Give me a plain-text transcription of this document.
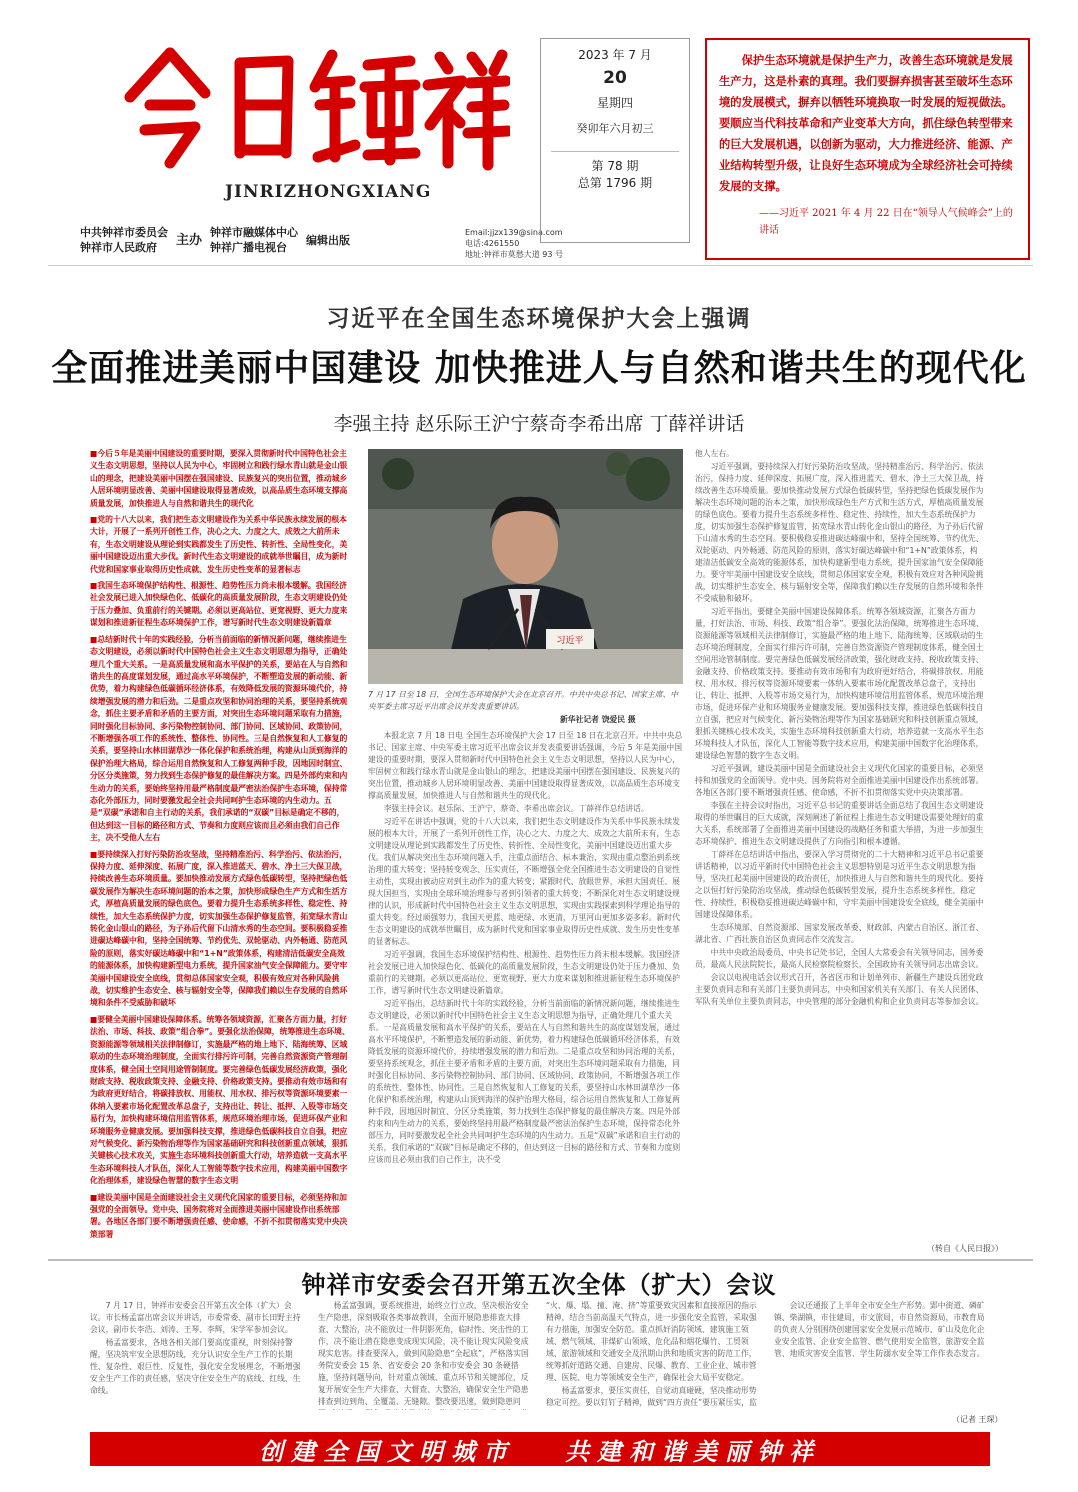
JINRIZHONGXIANG
中共钟祥市委员会
钟祥市人民政府	主办 钟祥市融媒体中心
钟祥广播电视台
编辑出版
Email:jjzx139@sina.com
电话:4261550
地址:钟祥市莫愁大道 93 号
2023 年 7 月
20
星期四
癸卯年六月初三
第 78 期
总第 1796 期
保护生态环境就是保护生产力，改善生态环境就是发展生产力，这是朴素的真理。我们要摒弃损害甚至破坏生态环境的发展模式，摒弃以牺牲环境换取一时发展的短视做法。要顺应当代科技革命和产业变革大方向，抓住绿色转型带来的巨大发展机遇，以创新为驱动，大力推进经济、能源、产业结构转型升级，让良好生态环境成为全球经济社会可持续发展的支撑。
——习近平 2021 年 4 月 22 日在“领导人气候峰会”上的讲话
习近平在全国生态环境保护大会上强调
全面推进美丽中国建设 加快推进人与自然和谐共生的现代化
李强主持 赵乐际王沪宁蔡奇李希出席 丁薛祥讲话

■ 今后５年是美丽中国建设的重要时期，要深入贯彻新时代中国特色社会主义生态文明思想，坚持以人民为中心，牢固树立和践行绿水青山就是金山银山的理念，把建设美丽中国摆在强国建设、民族复兴的突出位置，推动城乡人居环境明显改善、美丽中国建设取得显著成效，以高品质生态环境支撑高质量发展，加快推进人与自然和谐共生的现代化

■ 党的十八大以来，我们把生态文明建设作为关系中华民族永续发展的根本大计，开展了一系列开创性工作，决心之大、力度之大、成效之大前所未有，生态文明建设从理论到实践都发生了历史性、转折性、全局性变化，美丽中国建设迈出重大步伐。新时代生态文明建设的成就举世瞩目，成为新时代党和国家事业取得历史性成就、发生历史性变革的显著标志

■ 我国生态环境保护结构性、根源性、趋势性压力尚未根本缓解。我国经济社会发展已进入加快绿色化、低碳化的高质量发展阶段，生态文明建设仍处于压力叠加、负重前行的关键期。必须以更高站位、更宽视野、更大力度来谋划和推进新征程生态环境保护工作，谱写新时代生态文明建设新篇章

■ 总结新时代十年的实践经验，分析当前面临的新情况新问题，继续推进生态文明建设，必须以新时代中国特色社会主义生态文明思想为指导，正确处理几个重大关系。一是高质量发展和高水平保护的关系，要站在人与自然和谐共生的高度谋划发展，通过高水平环境保护，不断塑造发展的新动能、新优势，着力构建绿色低碳循环经济体系，有效降低发展的资源环境代价，持续增强发展的潜力和后劲。二是重点攻坚和协同治理的关系，要坚持系统观念，抓住主要矛盾和矛盾的主要方面，对突出生态环境问题采取有力措施，同时强化目标协同、多污染物控制协同、部门协同、区域协同、政策协同，不断增强各项工作的系统性、整体性、协同性。三是自然恢复和人工修复的关系，要坚持山水林田湖草沙一体化保护和系统治理，构建从山顶到海洋的保护治理大格局，综合运用自然恢复和人工修复两种手段，因地因时制宜、分区分类施策，努力找到生态保护修复的最佳解决方案。四是外部约束和内生动力的关系，要始终坚持用最严格制度最严密法治保护生态环境，保持常态化外部压力，同时要激发起全社会共同呵护生态环境的内生动力。五是“双碳”承诺和自主行动的关系，我们承诺的“双碳”目标是确定不移的，但达到这一目标的路径和方式、节奏和力度则应该而且必须由我们自己作主，决不受他人左右

■ 要持续深入打好污染防治攻坚战，坚持精准治污、科学治污、依法治污，保持力度、延伸深度、拓展广度，深入推进蓝天、碧水、净土三大保卫战，持续改善生态环境质量。要加快推动发展方式绿色低碳转型，坚持把绿色低碳发展作为解决生态环境问题的治本之策，加快形成绿色生产方式和生活方式，厚植高质量发展的绿色底色。要着力提升生态系统多样性、稳定性、持续性，加大生态系统保护力度，切实加强生态保护修复监管，拓宽绿水青山转化金山银山的路径，为子孙后代留下山清水秀的生态空间。要积极稳妥推进碳达峰碳中和，坚持全国统筹、节约优先、双轮驱动、内外畅通、防范风险的原则，落实好碳达峰碳中和“1+N”政策体系，构建清洁低碳安全高效的能源体系，加快构建新型电力系统，提升国家油气安全保障能力。要守牢美丽中国建设安全底线，贯彻总体国家安全观，积极有效应对各种风险挑战，切实维护生态安全、核与辐射安全等，保障我们赖以生存发展的自然环境和条件不受威胁和破坏

■ 要健全美丽中国建设保障体系。统筹各领域资源，汇聚各方面力量，打好法治、市场、科技、政策“组合拳”。要强化法治保障，统筹推进生态环境、资源能源等领域相关法律制修订，实施最严格的地上地下、陆海统筹、区域联动的生态环境治理制度，全面实行排污许可制，完善自然资源资产管理制度体系，健全国土空间用途管制制度。要完善绿色低碳发展经济政策，强化财政支持、税收政策支持、金融支持、价格政策支持。要推动有效市场和有为政府更好结合，将碳排放权、用能权、用水权、排污权等资源环境要素一体纳入要素市场化配置改革总盘子，支持出让、转让、抵押、入股等市场交易行为，加快构建环境信用监管体系，规范环境治理市场，促进环保产业和环境服务业健康发展。要加强科技支撑，推进绿色低碳科技自立自强，把应对气候变化、新污染物治理等作为国家基础研究和科技创新重点领域，狠抓关键核心技术攻关，实施生态环境科技创新重大行动，培养造就一支高水平生态环境科技人才队伍，深化人工智能等数字技术应用，构建美丽中国数字化治理体系，建设绿色智慧的数字生态文明

■ 建设美丽中国是全面建设社会主义现代化国家的重要目标，必须坚持和加强党的全面领导。党中央、国务院将对全面推进美丽中国建设作出系统部署。各地区各部门要不断增强责任感、使命感，不折不扣贯彻落实党中央决策部署

习近平
7 月 17 日至 18 日，全国生态环境保护大会在北京召开。中共中央总书记、国家主席、中央军委主席习近平出席会议并发表重要讲话。
新华社记者 饶爱民 摄

本报北京 7 月 18 日电 全国生态环境保护大会 17 日至 18 日在北京召开。中共中央总书记、国家主席、中央军委主席习近平出席会议并发表重要讲话强调，今后 5 年是美丽中国建设的重要时期，要深入贯彻新时代中国特色社会主义生态文明思想，坚持以人民为中心，牢固树立和践行绿水青山就是金山银山的理念，把建设美丽中国摆在强国建设、民族复兴的突出位置，推动城乡人居环境明显改善、美丽中国建设取得显著成效，以高品质生态环境支撑高质量发展，加快推进人与自然和谐共生的现代化。

李强主持会议。赵乐际、王沪宁、蔡奇、李希出席会议。丁薛祥作总结讲话。

习近平在讲话中强调，党的十八大以来，我们把生态文明建设作为关系中华民族永续发展的根本大计，开展了一系列开创性工作，决心之大、力度之大、成效之大前所未有，生态文明建设从理论到实践都发生了历史性、转折性、全局性变化，美丽中国建设迈出重大步伐。我们从解决突出生态环境问题入手，注重点面结合、标本兼治，实现由重点整治到系统治理的重大转变；坚持转变观念、压实责任，不断增强全党全国推进生态文明建设的自觉性主动性，实现由被动应对到主动作为的重大转变；紧跟时代、放眼世界，承担大国责任、展现大国担当，实现由全球环境治理参与者到引领者的重大转变；不断深化对生态文明建设规律的认识，形成新时代中国特色社会主义生态文明思想，实现由实践探索到科学理论指导的重大转变。经过顽强努力，我国天更蓝、地更绿、水更清，万里河山更加多姿多彩。新时代生态文明建设的成就举世瞩目，成为新时代党和国家事业取得历史性成就、发生历史性变革的显著标志。

习近平强调，我国生态环境保护结构性、根源性、趋势性压力尚未根本缓解。我国经济社会发展已进入加快绿色化、低碳化的高质量发展阶段，生态文明建设仍处于压力叠加、负重前行的关键期。必须以更高站位、更宽视野、更大力度来谋划和推进新征程生态环境保护工作，谱写新时代生态文明建设新篇章。

习近平指出，总结新时代十年的实践经验，分析当前面临的新情况新问题，继续推进生态文明建设，必须以新时代中国特色社会主义生态文明思想为指导，正确处理几个重大关系。一是高质量发展和高水平保护的关系，要站在人与自然和谐共生的高度谋划发展，通过高水平环境保护，不断塑造发展的新动能、新优势，着力构建绿色低碳循环经济体系，有效降低发展的资源环境代价，持续增强发展的潜力和后劲。二是重点攻坚和协同治理的关系，要坚持系统观念，抓住主要矛盾和矛盾的主要方面，对突出生态环境问题采取有力措施，同时强化目标协同、多污染物控制协同、部门协同、区域协同、政策协同，不断增强各项工作的系统性、整体性、协同性。三是自然恢复和人工修复的关系，要坚持山水林田湖草沙一体化保护和系统治理，构建从山顶到海洋的保护治理大格局，综合运用自然恢复和人工修复两种手段，因地因时制宜、分区分类施策，努力找到生态保护修复的最佳解决方案。四是外部约束和内生动力的关系，要始终坚持用最严格制度最严密法治保护生态环境，保持常态化外部压力，同时要激发起全社会共同呵护生态环境的内生动力。五是“双碳”承诺和自主行动的关系，我们承诺的“双碳”目标是确定不移的，但达到这一目标的路径和方式、节奏和力度则应该而且必须由我们自己作主，决不受

他人左右。

习近平强调，要持续深入打好污染防治攻坚战，坚持精准治污、科学治污、依法治污，保持力度、延伸深度、拓展广度，深入推进蓝天、碧水、净土三大保卫战，持续改善生态环境质量。要加快推动发展方式绿色低碳转型，坚持把绿色低碳发展作为解决生态环境问题的治本之策，加快形成绿色生产方式和生活方式，厚植高质量发展的绿色底色。要着力提升生态系统多样性、稳定性、持续性，加大生态系统保护力度，切实加强生态保护修复监管，拓宽绿水青山转化金山银山的路径，为子孙后代留下山清水秀的生态空间。要积极稳妥推进碳达峰碳中和，坚持全国统筹、节约优先、双轮驱动、内外畅通、防范风险的原则，落实好碳达峰碳中和“1+N”政策体系，构建清洁低碳安全高效的能源体系，加快构建新型电力系统，提升国家油气安全保障能力。要守牢美丽中国建设安全底线，贯彻总体国家安全观，积极有效应对各种风险挑战，切实维护生态安全、核与辐射安全等，保障我们赖以生存发展的自然环境和条件不受威胁和破坏。

习近平指出，要健全美丽中国建设保障体系。统筹各领域资源，汇聚各方面力量，打好法治、市场、科技、政策“组合拳”。要强化法治保障，统筹推进生态环境、资源能源等领域相关法律制修订，实施最严格的地上地下、陆海统筹、区域联动的生态环境治理制度，全面实行排污许可制，完善自然资源资产管理制度体系，健全国土空间用途管制制度。要完善绿色低碳发展经济政策，强化财政支持、税收政策支持、金融支持、价格政策支持。要推动有效市场和有为政府更好结合，将碳排放权、用能权、用水权、排污权等资源环境要素一体纳入要素市场化配置改革总盘子，支持出让、转让、抵押、入股等市场交易行为，加快构建环境信用监管体系，规范环境治理市场，促进环保产业和环境服务业健康发展。要加强科技支撑，推进绿色低碳科技自立自强，把应对气候变化、新污染物治理等作为国家基础研究和科技创新重点领域，狠抓关键核心技术攻关，实施生态环境科技创新重大行动，培养造就一支高水平生态环境科技人才队伍，深化人工智能等数字技术应用，构建美丽中国数字化治理体系，建设绿色智慧的数字生态文明。

习近平强调，建设美丽中国是全面建设社会主义现代化国家的重要目标，必须坚持和加强党的全面领导。党中央、国务院将对全面推进美丽中国建设作出系统部署。各地区各部门要不断增强责任感、使命感，不折不扣贯彻落实党中央决策部署。

李强在主持会议时指出，习近平总书记的重要讲话全面总结了我国生态文明建设取得的举世瞩目的巨大成就，深刻阐述了新征程上推进生态文明建设需要处理好的重大关系，系统部署了全面推进美丽中国建设的战略任务和重大举措，为进一步加强生态环境保护、推进生态文明建设提供了方向指引和根本遵循。

丁薛祥在总结讲话中指出，要深入学习贯彻党的二十大精神和习近平总书记重要讲话精神，以习近平新时代中国特色社会主义思想特别是习近平生态文明思想为指导，坚决扛起美丽中国建设的政治责任，加快推进人与自然和谐共生的现代化。要持之以恒打好污染防治攻坚战，推动绿色低碳转型发展，提升生态系统多样性、稳定性、持续性，积极稳妥推进碳达峰碳中和，守牢美丽中国建设安全底线，健全美丽中国建设保障体系。

生态环境部、自然资源部、国家发展改革委、财政部、内蒙古自治区、浙江省、湖北省、广西壮族自治区负责同志作交流发言。

中共中央政治局委员、中央书记处书记，全国人大常委会有关领导同志，国务委员，最高人民法院院长，最高人民检察院检察长，全国政协有关领导同志出席会议。

会议以电视电话会议形式召开，各省区市和计划单列市、新疆生产建设兵团党政主要负责同志和有关部门主要负责同志，中央和国家机关有关部门、有关人民团体、军队有关单位主要负责同志，中央管理的部分金融机构和企业负责同志等参加会议。

（转自《人民日报》）
钟祥市安委会召开第五次全体（扩大）会议

7 月 17 日，钟祥市安委会召开第五次全体（扩大）会议。市长杨孟富出席会议并讲话，市委常委、副市长田野主持会议，副市长李浩、刘涛、王琴、李辉，宋学军参加会议。

杨孟富要求，各地各相关部门要高度重视，时刻保持警醒，坚决筑牢安全思想防线，充分认识安全生产工作的长期性、复杂性、艰巨性、反复性，强化安全发展理念，不断增强安全生产工作的责任感，坚决守住安全生产的底线、红线、生命线。

杨孟富强调，要系统推进，始终立行立改，坚决根治安全生产隐患，深刻吸取各类事故教训，全面开展隐患排查大排查、大整治，决不能放过一件阴影死角，临时性、突击性的工作，决不能让潜在隐患变成现实风险，决不能让现实风险变成现实危害。排查要深入，做到风险隐患“全起底”，严格落实国务院安委会 15 条、省安委会 20 条和市安委会 30 条硬措施，坚持问题导向，针对重点领域、重点环节和关键部位，反复开展安全生产大排查、大督查、大整治，确保安全生产隐患排查到边到角、全覆盖、无缝隙。整改要迅速，做到隐患问

“火、爆、塌、撞、淹、挤”等重要致灾因素和直接原因的指示精神，结合当前高温天气特点，进一步强化安全监管，采取强有力措施，加强安全防范。重点抓好消防领域、建筑施工领域、燃气领域、非煤矿山领域、危化品和烟花爆竹、工贸领域、旅游领域和交通安全及汛期山洪和地质灾害的防范工作，统筹抓好道路交通、自建房、民爆、教育、工业企业、城市管理、医院、电力等领域安全生产，确保社会大局平安稳定。

杨孟富要求，要压实责任，自觉动真碰硬，坚决推动形势稳定可控。要以钉钉子精神，做到“四方责任”要压紧压实，监

会议还通报了上半年全市安全生产形势。郢中街道、磷矿镇、柴湖镇，市住建局，市文旅局，市自然资源局，市教育局的负责人分别围绕创建国家安全发展示范城市、矿山及危化企业安全监管、企业安全监管、燃气使用安全监管、旅游安全监管、地质灾害安全监管、学生防溺水安全等工作作表态发言。

（记者 王琛）
创建全国文明城市 共建和谐美丽钟祥
